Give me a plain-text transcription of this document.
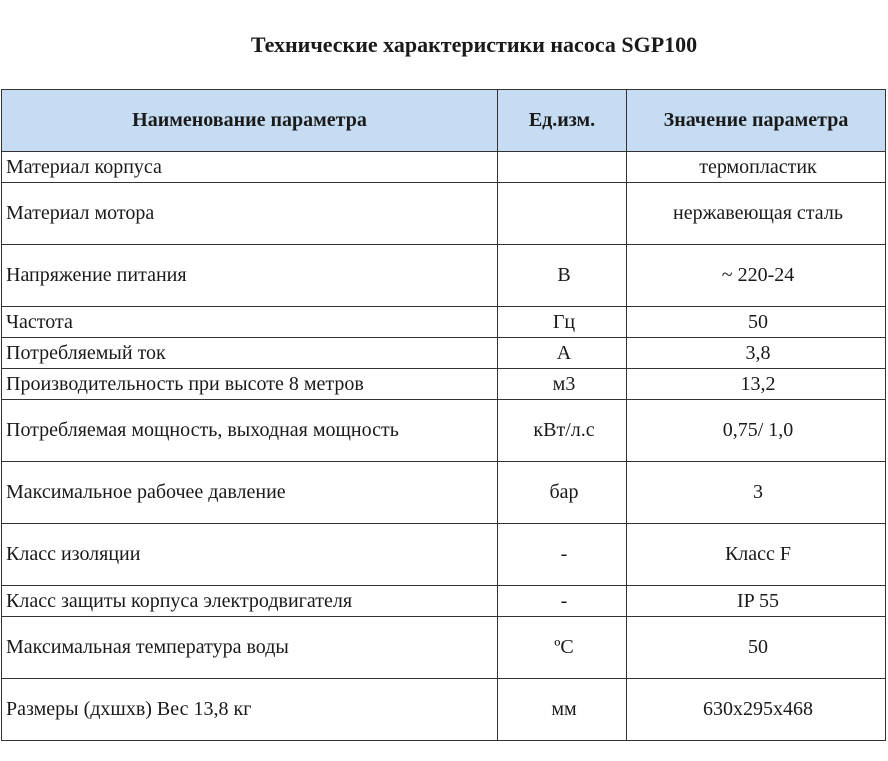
Технические характеристики насоса SGP100
Наименование параметра	Ед.изм.	Значение параметра
Материал корпуса		термопластик
Материал мотора		нержавеющая сталь
Напряжение питания	В	~ 220-24
Частота	Гц	50
Потребляемый ток	А	3,8
Производительность при высоте 8 метров	м3	13,2
Потребляемая мощность, выходная мощность	кВт/л.с	0,75/ 1,0
Максимальное рабочее давление	бар	3
Класс изоляции	-	Класс F
Класс защиты корпуса электродвигателя	-	IP 55
Максимальная температура воды	ºС	50
Размеры (дхшхв) Вес 13,8 кг	мм	630x295x468
